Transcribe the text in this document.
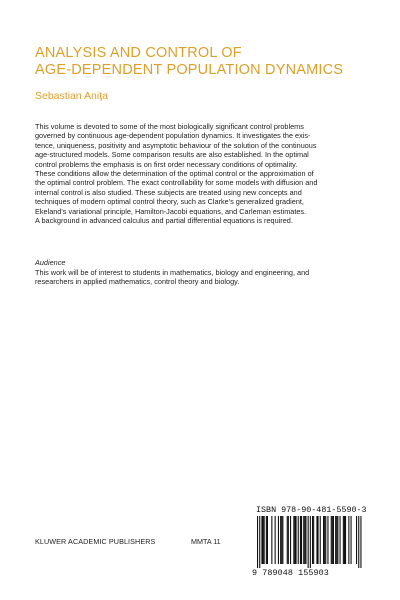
ANALYSIS AND CONTROL OF
AGE-DEPENDENT POPULATION DYNAMICS
Sebastian Aniţa
This volume is devoted to some of the most biologically significant control problems
governed by continuous age-dependent population dynamics. It investigates the exis-
tence, uniqueness, positivity and asymptotic behaviour of the solution of the continuous
age-structured models. Some comparison results are also established. In the optimal
control problems the emphasis is on first order necessary conditions of optimality.
These conditions allow the determination of the optimal control or the approximation of
the optimal control problem. The exact controllability for some models with diffusion and
internal control is also studied. These subjects are treated using new concepts and
techniques of modern optimal control theory, such as Clarke's generalized gradient,
Ekeland's variational principle, Hamilton-Jacobi equations, and Carleman estimates.
A background in advanced calculus and partial differential equations is required.
Audience
This work will be of interest to students in mathematics, biology and engineering, and
researchers in applied mathematics, control theory and biology.
ISBN 978-90-481-5590-3
9 789048 155903
KLUWER ACADEMIC PUBLISHERS	MMTA 11
